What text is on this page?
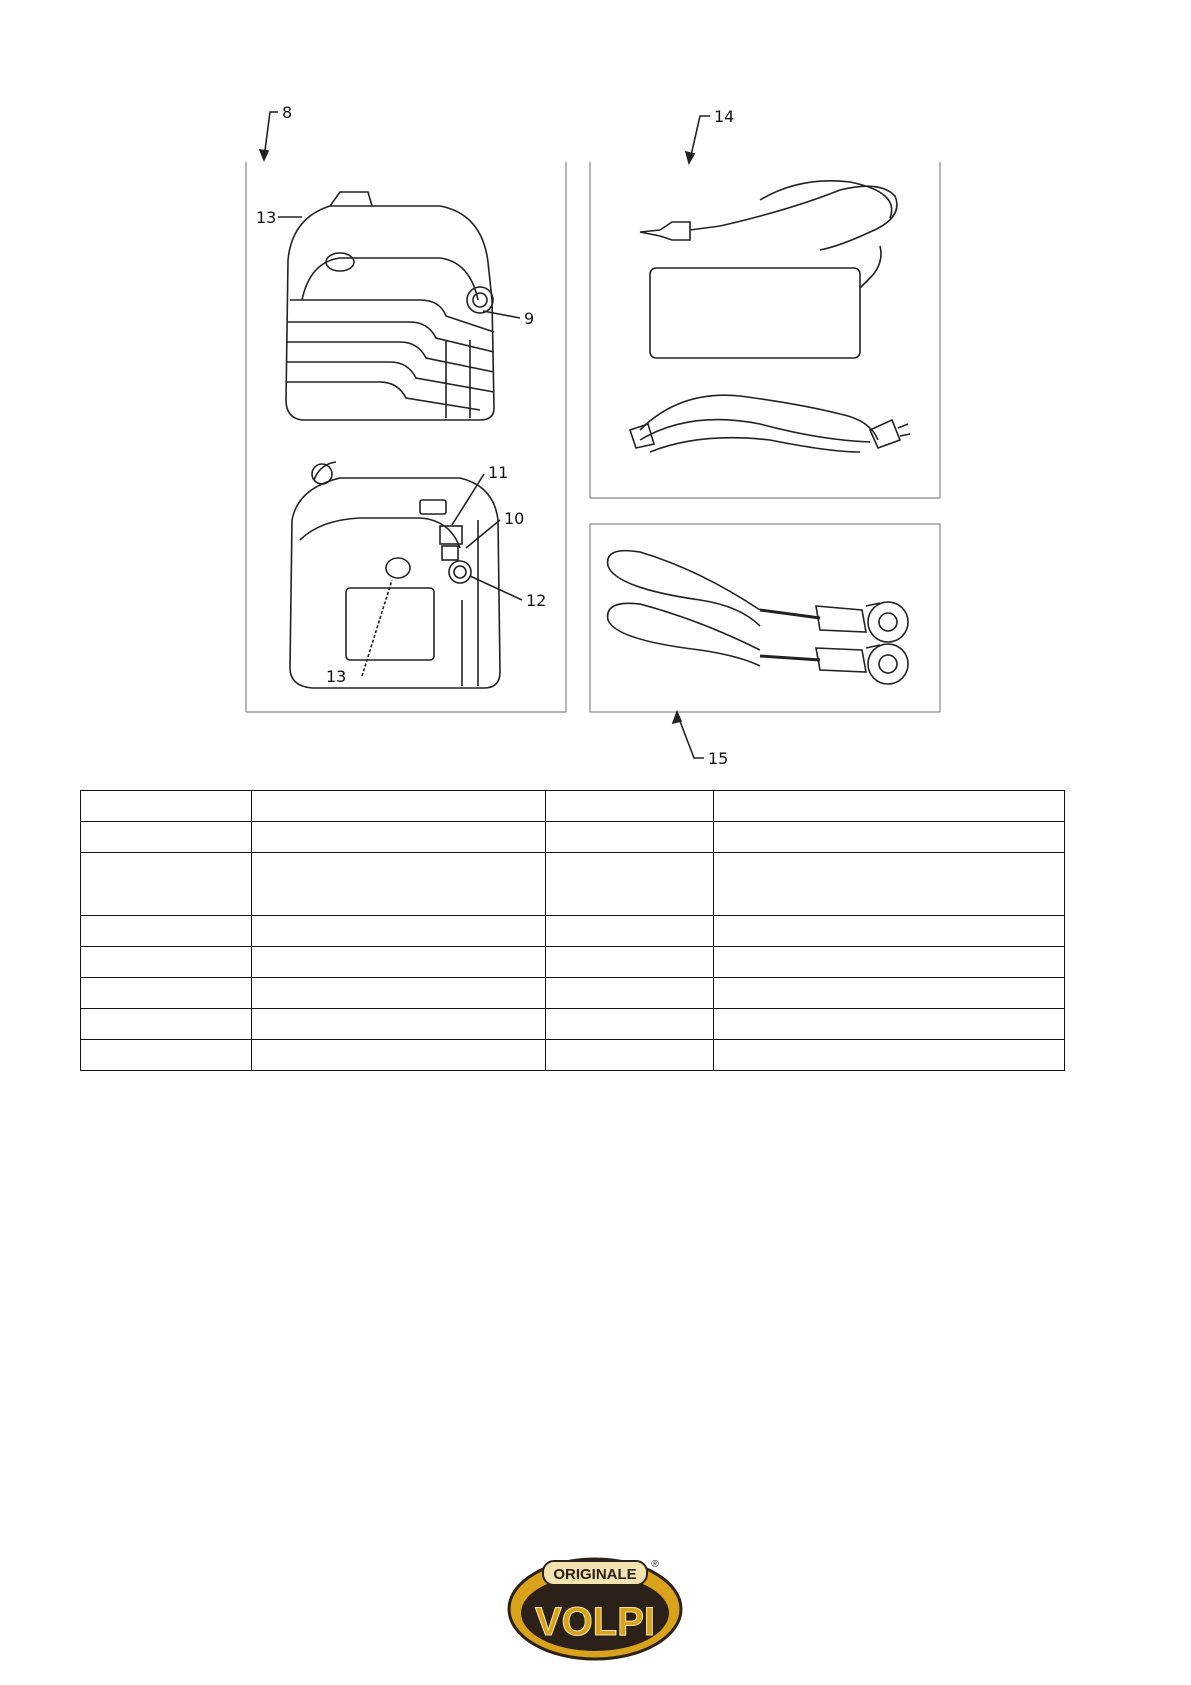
8	14
13
9
11
10
12
13
15

ORIGINALE
®
VOLPI
